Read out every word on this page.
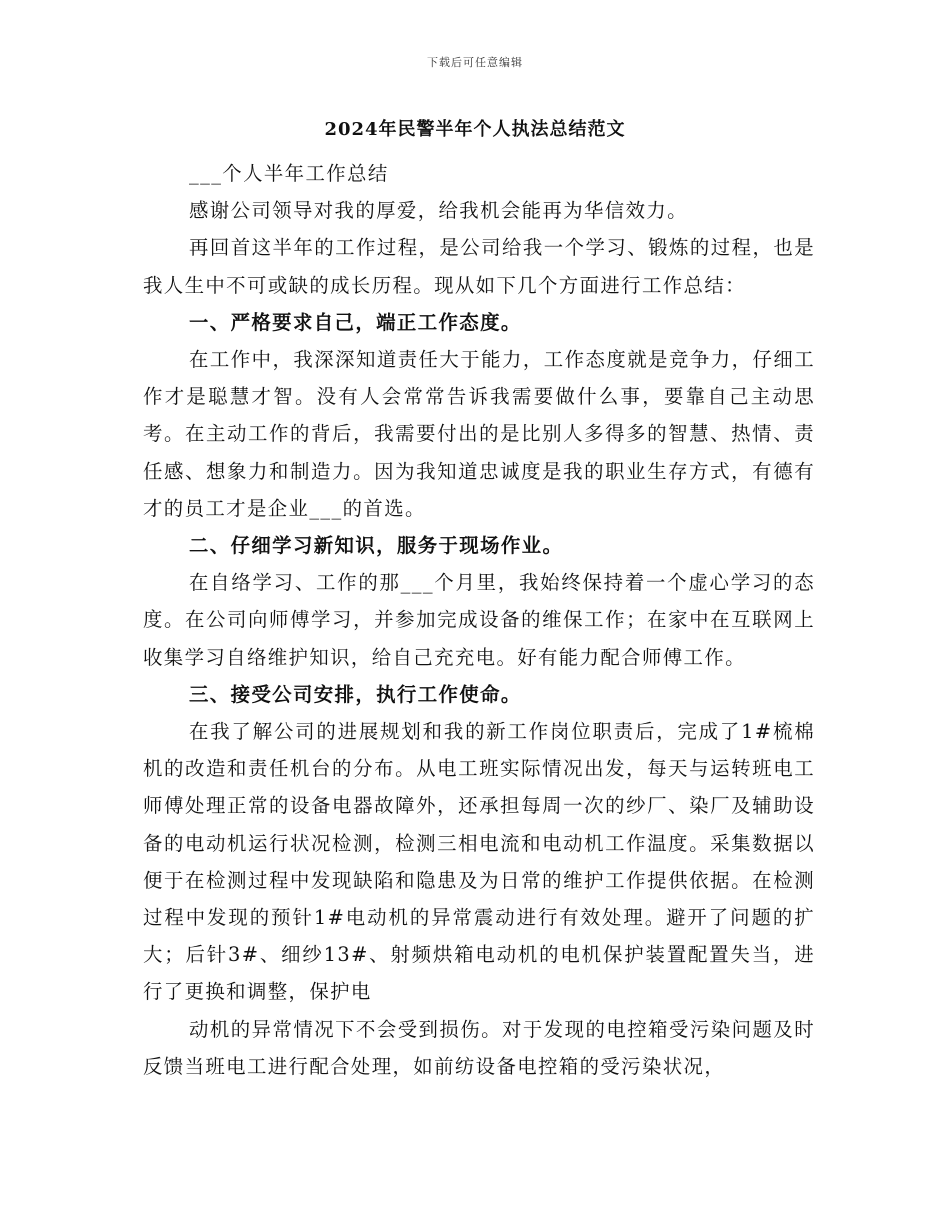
下载后可任意编辑
2024年民警半年个人执法总结范文

___个人半年工作总结

感谢公司领导对我的厚爱，给我机会能再为华信效力。

再回首这半年的工作过程，是公司给我一个学习、锻炼的过程，也是我人生中不可或缺的成长历程。现从如下几个方面进行工作总结：

一、严格要求自己，端正工作态度。

在工作中，我深深知道责任大于能力，工作态度就是竞争力，仔细工作才是聪慧才智。没有人会常常告诉我需要做什么事，要靠自己主动思考。在主动工作的背后，我需要付出的是比别人多得多的智慧、热情、责任感、想象力和制造力。因为我知道忠诚度是我的职业生存方式，有德有才的员工才是企业___的首选。

二、仔细学习新知识，服务于现场作业。

在自络学习、工作的那___个月里，我始终保持着一个虚心学习的态度。在公司向师傅学习，并参加完成设备的维保工作；在家中在互联网上收集学习自络维护知识，给自己充充电。好有能力配合师傅工作。

三、接受公司安排，执行工作使命。

在我了解公司的进展规划和我的新工作岗位职责后，完成了1#梳棉机的改造和责任机台的分布。从电工班实际情况出发，每天与运转班电工师傅处理正常的设备电器故障外，还承担每周一次的纱厂、染厂及辅助设备的电动机运行状况检测，检测三相电流和电动机工作温度。采集数据以便于在检测过程中发现缺陷和隐患及为日常的维护工作提供依据。在检测过程中发现的预针1#电动机的异常震动进行有效处理。避开了问题的扩大；后针3#、细纱13#、射频烘箱电动机的电机保护装置配置失当，进行了更换和调整，保护电

动机的异常情况下不会受到损伤。对于发现的电控箱受污染问题及时反馈当班电工进行配合处理，如前纺设备电控箱的受污染状况，
